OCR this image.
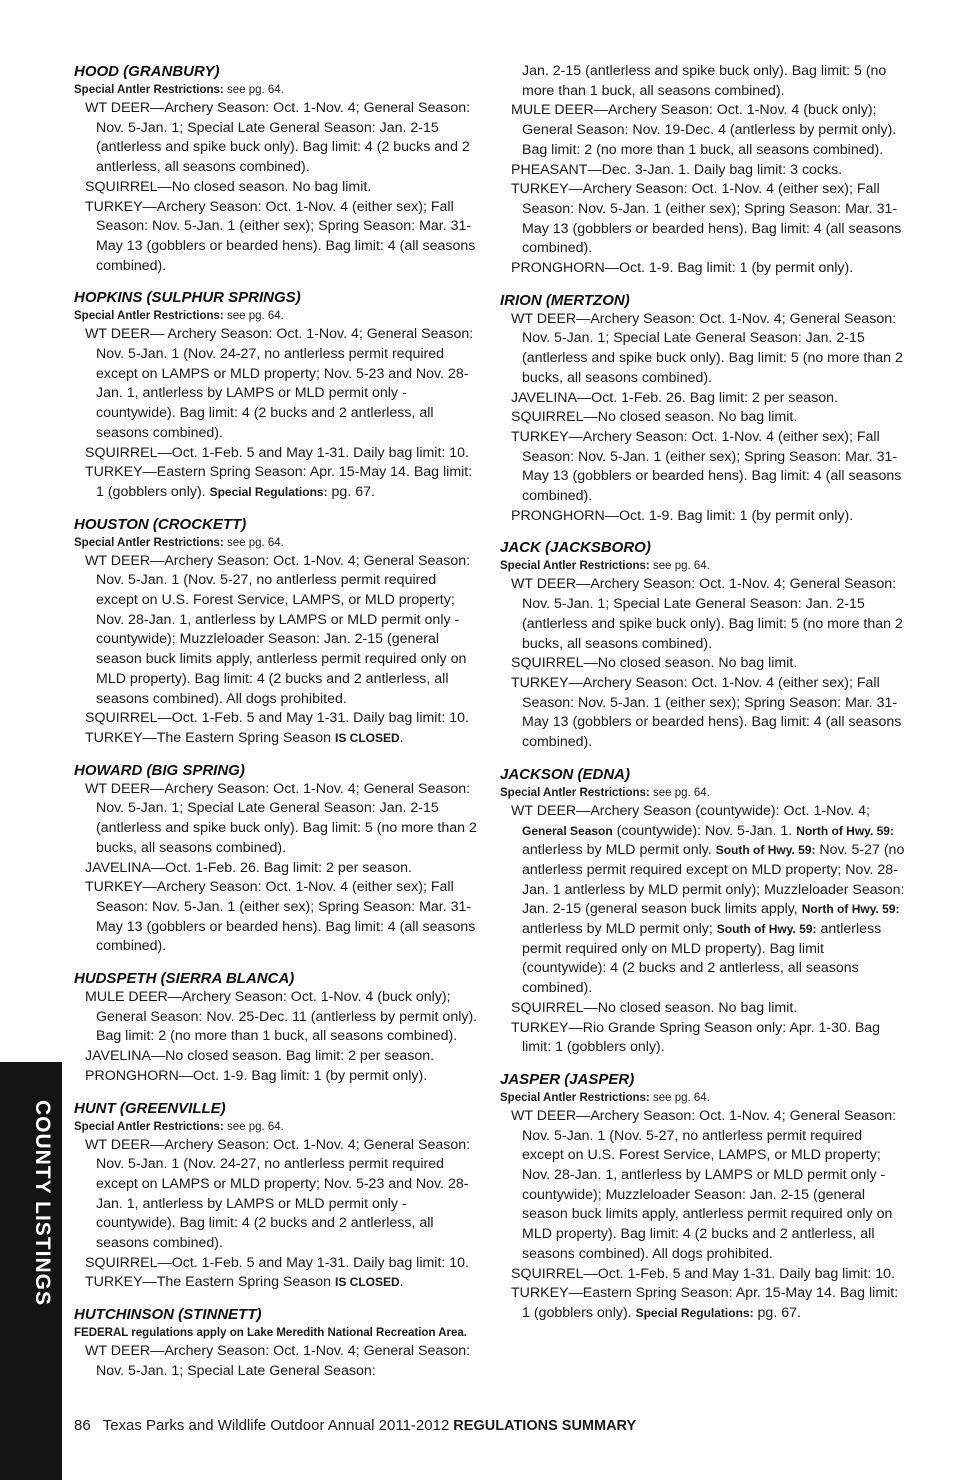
COUNTY LISTINGS

HOOD (GRANBURY)

Special Antler Restrictions: see pg. 64.

WT DEER—Archery Season: Oct. 1-Nov. 4; General Season: Nov. 5-Jan. 1; Special Late General Season: Jan. 2-15 (antlerless and spike buck only). Bag limit: 4 (2 bucks and 2 antlerless, all seasons combined).

SQUIRREL—No closed season. No bag limit.

TURKEY—Archery Season: Oct. 1-Nov. 4 (either sex); Fall Season: Nov. 5-Jan. 1 (either sex); Spring Season: Mar. 31-May 13 (gobblers or bearded hens). Bag limit: 4 (all seasons combined).

HOPKINS (SULPHUR SPRINGS)

Special Antler Restrictions: see pg. 64.

WT DEER— Archery Season: Oct. 1-Nov. 4; General Season: Nov. 5-Jan. 1 (Nov. 24-27, no antlerless permit required except on LAMPS or MLD property; Nov. 5-23 and Nov. 28-Jan. 1, antlerless by LAMPS or MLD permit only - countywide). Bag limit: 4 (2 bucks and 2 antlerless, all seasons combined).

SQUIRREL—Oct. 1-Feb. 5 and May 1-31. Daily bag limit: 10.

TURKEY—Eastern Spring Season: Apr. 15-May 14. Bag limit: 1 (gobblers only). Special Regulations: pg. 67.

HOUSTON (CROCKETT)

Special Antler Restrictions: see pg. 64.

WT DEER—Archery Season: Oct. 1-Nov. 4; General Season: Nov. 5-Jan. 1 (Nov. 5-27, no antlerless permit required except on U.S. Forest Service, LAMPS, or MLD property; Nov. 28-Jan. 1, antlerless by LAMPS or MLD permit only - countywide); Muzzleloader Season: Jan. 2-15 (general season buck limits apply, antlerless permit required only on MLD property). Bag limit: 4 (2 bucks and 2 antlerless, all seasons combined). All dogs prohibited.

SQUIRREL—Oct. 1-Feb. 5 and May 1-31. Daily bag limit: 10.

TURKEY—The Eastern Spring Season IS CLOSED.

HOWARD (BIG SPRING)

WT DEER—Archery Season: Oct. 1-Nov. 4; General Season: Nov. 5-Jan. 1; Special Late General Season: Jan. 2-15 (antlerless and spike buck only). Bag limit: 5 (no more than 2 bucks, all seasons combined).

JAVELINA—Oct. 1-Feb. 26. Bag limit: 2 per season.

TURKEY—Archery Season: Oct. 1-Nov. 4 (either sex); Fall Season: Nov. 5-Jan. 1 (either sex); Spring Season: Mar. 31-May 13 (gobblers or bearded hens). Bag limit: 4 (all seasons combined).

HUDSPETH (SIERRA BLANCA)

MULE DEER—Archery Season: Oct. 1-Nov. 4 (buck only); General Season: Nov. 25-Dec. 11 (antlerless by permit only). Bag limit: 2 (no more than 1 buck, all seasons combined).

JAVELINA—No closed season. Bag limit: 2 per season.

PRONGHORN—Oct. 1-9. Bag limit: 1 (by permit only).

HUNT (GREENVILLE)

Special Antler Restrictions: see pg. 64.

WT DEER—Archery Season: Oct. 1-Nov. 4; General Season: Nov. 5-Jan. 1 (Nov. 24-27, no antlerless permit required except on LAMPS or MLD property; Nov. 5-23 and Nov. 28-Jan. 1, antlerless by LAMPS or MLD permit only - countywide). Bag limit: 4 (2 bucks and 2 antlerless, all seasons combined).

SQUIRREL—Oct. 1-Feb. 5 and May 1-31. Daily bag limit: 10.

TURKEY—The Eastern Spring Season IS CLOSED.

HUTCHINSON (STINNETT)

FEDERAL regulations apply on Lake Meredith National Recreation Area.

WT DEER—Archery Season: Oct. 1-Nov. 4; General Season: Nov. 5-Jan. 1; Special Late General Season:

Jan. 2-15 (antlerless and spike buck only). Bag limit: 5 (no more than 1 buck, all seasons combined).

MULE DEER—Archery Season: Oct. 1-Nov. 4 (buck only); General Season: Nov. 19-Dec. 4 (antlerless by permit only). Bag limit: 2 (no more than 1 buck, all seasons combined).

PHEASANT—Dec. 3-Jan. 1. Daily bag limit: 3 cocks.

TURKEY—Archery Season: Oct. 1-Nov. 4 (either sex); Fall Season: Nov. 5-Jan. 1 (either sex); Spring Season: Mar. 31-May 13 (gobblers or bearded hens). Bag limit: 4 (all seasons combined).

PRONGHORN—Oct. 1-9. Bag limit: 1 (by permit only).

IRION (MERTZON)

WT DEER—Archery Season: Oct. 1-Nov. 4; General Season: Nov. 5-Jan. 1; Special Late General Season: Jan. 2-15 (antlerless and spike buck only). Bag limit: 5 (no more than 2 bucks, all seasons combined).

JAVELINA—Oct. 1-Feb. 26. Bag limit: 2 per season.

SQUIRREL—No closed season. No bag limit.

TURKEY—Archery Season: Oct. 1-Nov. 4 (either sex); Fall Season: Nov. 5-Jan. 1 (either sex); Spring Season: Mar. 31-May 13 (gobblers or bearded hens). Bag limit: 4 (all seasons combined).

PRONGHORN—Oct. 1-9. Bag limit: 1 (by permit only).

JACK (JACKSBORO)

Special Antler Restrictions: see pg. 64.

WT DEER—Archery Season: Oct. 1-Nov. 4; General Season: Nov. 5-Jan. 1; Special Late General Season: Jan. 2-15 (antlerless and spike buck only). Bag limit: 5 (no more than 2 bucks, all seasons combined).

SQUIRREL—No closed season. No bag limit.

TURKEY—Archery Season: Oct. 1-Nov. 4 (either sex); Fall Season: Nov. 5-Jan. 1 (either sex); Spring Season: Mar. 31-May 13 (gobblers or bearded hens). Bag limit: 4 (all seasons combined).

JACKSON (EDNA)

Special Antler Restrictions: see pg. 64.

WT DEER—Archery Season (countywide): Oct. 1-Nov. 4; General Season (countywide): Nov. 5-Jan. 1. North of Hwy. 59: antlerless by MLD permit only. South of Hwy. 59: Nov. 5-27 (no antlerless permit required except on MLD property; Nov. 28-Jan. 1 antlerless by MLD permit only); Muzzleloader Season: Jan. 2-15 (general season buck limits apply, North of Hwy. 59: antlerless by MLD permit only; South of Hwy. 59: antlerless permit required only on MLD property). Bag limit (countywide): 4 (2 bucks and 2 antlerless, all seasons combined).

SQUIRREL—No closed season. No bag limit.

TURKEY—Rio Grande Spring Season only: Apr. 1-30. Bag limit: 1 (gobblers only).

JASPER (JASPER)

Special Antler Restrictions: see pg. 64.

WT DEER—Archery Season: Oct. 1-Nov. 4; General Season: Nov. 5-Jan. 1 (Nov. 5-27, no antlerless permit required except on U.S. Forest Service, LAMPS, or MLD property; Nov. 28-Jan. 1, antlerless by LAMPS or MLD permit only - countywide); Muzzleloader Season: Jan. 2-15 (general season buck limits apply, antlerless permit required only on MLD property). Bag limit: 4 (2 bucks and 2 antlerless, all seasons combined). All dogs prohibited.

SQUIRREL—Oct. 1-Feb. 5 and May 1-31. Daily bag limit: 10.

TURKEY—Eastern Spring Season: Apr. 15-May 14. Bag limit: 1 (gobblers only). Special Regulations: pg. 67.

86 Texas Parks and Wildlife Outdoor Annual 2011-2012 REGULATIONS SUMMARY
